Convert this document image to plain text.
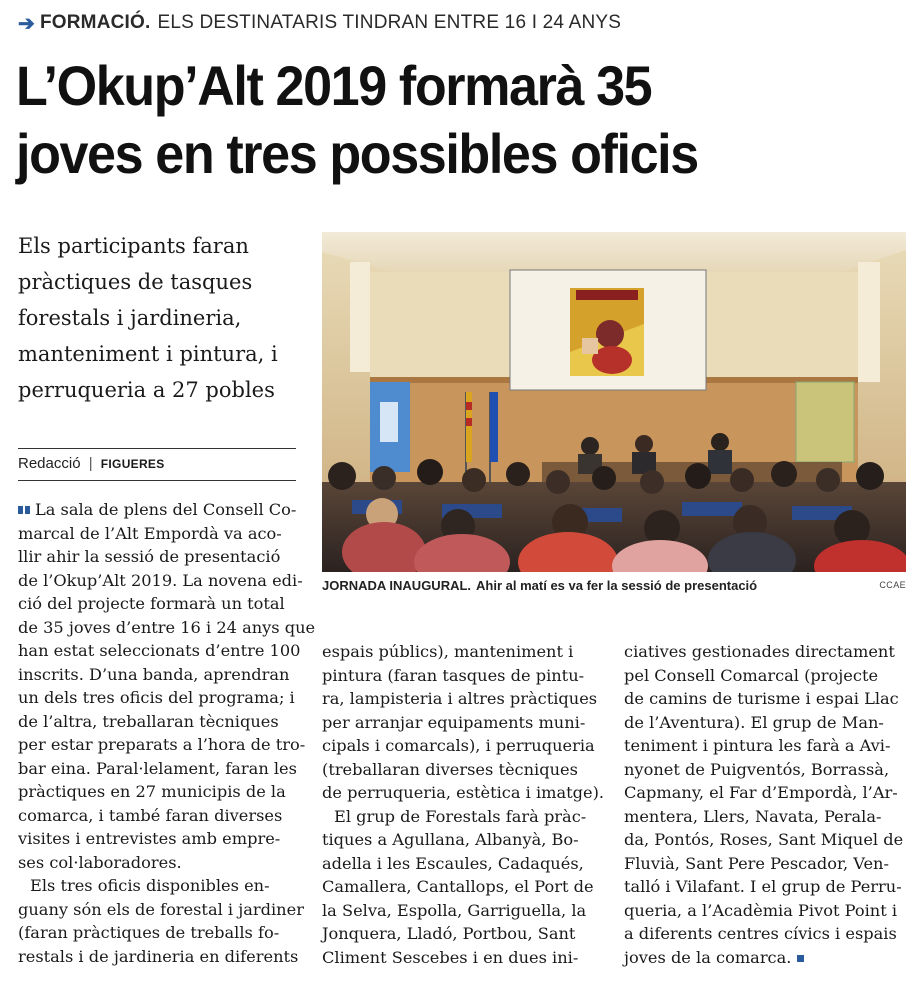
➔ FORMACIÓ. ELS DESTINATARIS TINDRAN ENTRE 16 I 24 ANYS
L’Okup’Alt 2019 formarà 35
joves en tres possibles oficis
Els participants faran
pràctiques de tasques
forestals i jardineria,
manteniment i pintura, i
perruqueria a 27 pobles
Redacció | FIGUERES
JORNADA INAUGURAL. Ahir al matí es va fer la sessió de presentació	CCAE
La sala de plens del Consell Co-
marcal de l’Alt Empordà va aco-
llir ahir la sessió de presentació
de l’Okup’Alt 2019. La novena edi-
ció del projecte formarà un total
de 35 joves d’entre 16 i 24 anys que
han estat seleccionats d’entre 100
inscrits. D’una banda, aprendran
un dels tres oficis del programa; i
de l’altra, treballaran tècniques
per estar preparats a l’hora de tro-
bar eina. Paral·lelament, faran les
pràctiques en 27 municipis de la
comarca, i també faran diverses
visites i entrevistes amb empre-
ses col·laboradores.
Els tres oficis disponibles en-
guany són els de forestal i jardiner
(faran pràctiques de treballs fo-
restals i de jardineria en diferents
espais públics), manteniment i
pintura (faran tasques de pintu-
ra, lampisteria i altres pràctiques
per arranjar equipaments muni-
cipals i comarcals), i perruqueria
(treballaran diverses tècniques
de perruqueria, estètica i imatge).
El grup de Forestals farà pràc-
tiques a Agullana, Albanyà, Bo-
adella i les Escaules, Cadaqués,
Camallera, Cantallops, el Port de
la Selva, Espolla, Garriguella, la
Jonquera, Lladó, Portbou, Sant
Climent Sescebes i en dues ini-
ciatives gestionades directament
pel Consell Comarcal (projecte
de camins de turisme i espai Llac
de l’Aventura). El grup de Man-
teniment i pintura les farà a Avi-
nyonet de Puigventós, Borrassà,
Capmany, el Far d’Empordà, l’Ar-
mentera, Llers, Navata, Perala-
da, Pontós, Roses, Sant Miquel de
Fluvià, Sant Pere Pescador, Ven-
talló i Vilafant. I el grup de Perru-
queria, a l’Acadèmia Pivot Point i
a diferents centres cívics i espais
joves de la comarca.
